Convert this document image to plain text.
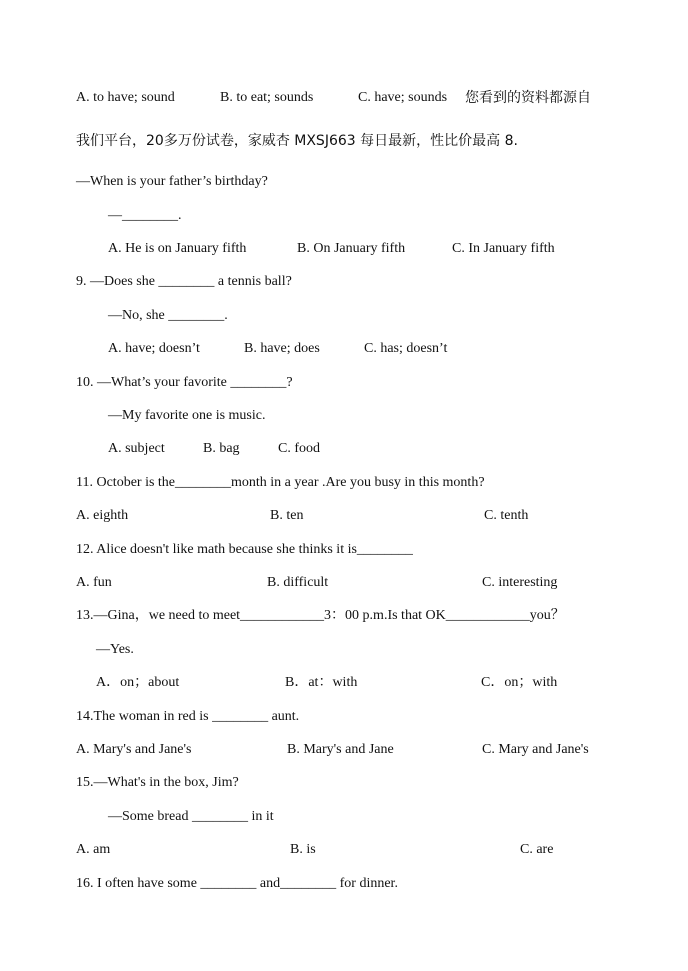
A. to have; sound	B. to eat; sounds	C. have; sounds 您看到的资料都源自
我们平台，20多万份试卷，家威杏 MXSJ663 每日最新，性比价最高 8.
—When is your father’s birthday?
—________.
A. He is on January fifth	B. On January fifth	C. In January fifth
9. —Does she ________ a tennis ball?
—No, she ________.
A. have; doesn’t	B. have; does	C. has; doesn’t
10. —What’s your favorite ________?
—My favorite one is music.
A. subject	B. bag	C. food
11. October is the________month in a year .Are you busy in this month?
A. eighth	B. ten	C. tenth
12. Alice doesn't like math because she thinks it is________
A. fun	B. difficult	C. interesting
13.—Gina，we need to meet____________3：00 p.m.Is that OK____________you？
—Yes.
A．on；about	B．at：with	C．on；with
14.The woman in red is ________ aunt.
A. Mary's and Jane's	B. Mary's and Jane	C. Mary and Jane's
15.—What's in the box, Jim?
—Some bread ________ in it
A. am	B. is	C. are
16. I often have some ________ and________ for dinner.
